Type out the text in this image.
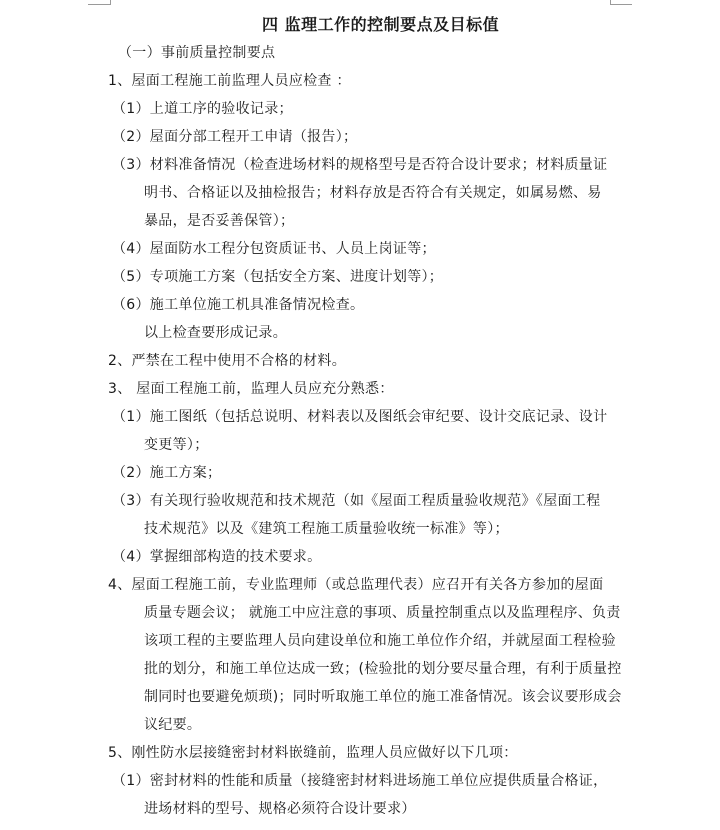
四 监理工作的控制要点及目标值
（一）事前质量控制要点
1、屋面工程施工前监理人员应检查 ：
（1）上道工序的验收记录；
（2）屋面分部工程开工申请（报告）；
（3）材料准备情况（检查进场材料的规格型号是否符合设计要求；材料质量证
明书、合格证以及抽检报告；材料存放是否符合有关规定，如属易燃、易
暴品，是否妥善保管）；
（4）屋面防水工程分包资质证书、人员上岗证等；
（5）专项施工方案（包括安全方案、进度计划等）；
（6）施工单位施工机具准备情况检查。
以上检查要形成记录。
2、严禁在工程中使用不合格的材料。
3、 屋面工程施工前，监理人员应充分熟悉：
（1）施工图纸（包括总说明、材料表以及图纸会审纪要、设计交底记录、设计
变更等）；
（2）施工方案；
（3）有关现行验收规范和技术规范（如《屋面工程质量验收规范》《屋面工程
技术规范》以及《建筑工程施工质量验收统一标准》等）；
（4）掌握细部构造的技术要求。
4、屋面工程施工前，专业监理师（或总监理代表）应召开有关各方参加的屋面
质量专题会议； 就施工中应注意的事项、质量控制重点以及监理程序、负责
该项工程的主要监理人员向建设单位和施工单位作介绍，并就屋面工程检验
批的划分，和施工单位达成一致；(检验批的划分要尽量合理，有利于质量控
制同时也要避免烦琐)；同时听取施工单位的施工准备情况。该会议要形成会
议纪要。
5、刚性防水层接缝密封材料嵌缝前，监理人员应做好以下几项：
（1）密封材料的性能和质量（接缝密封材料进场施工单位应提供质量合格证，
进场材料的型号、规格必须符合设计要求）
